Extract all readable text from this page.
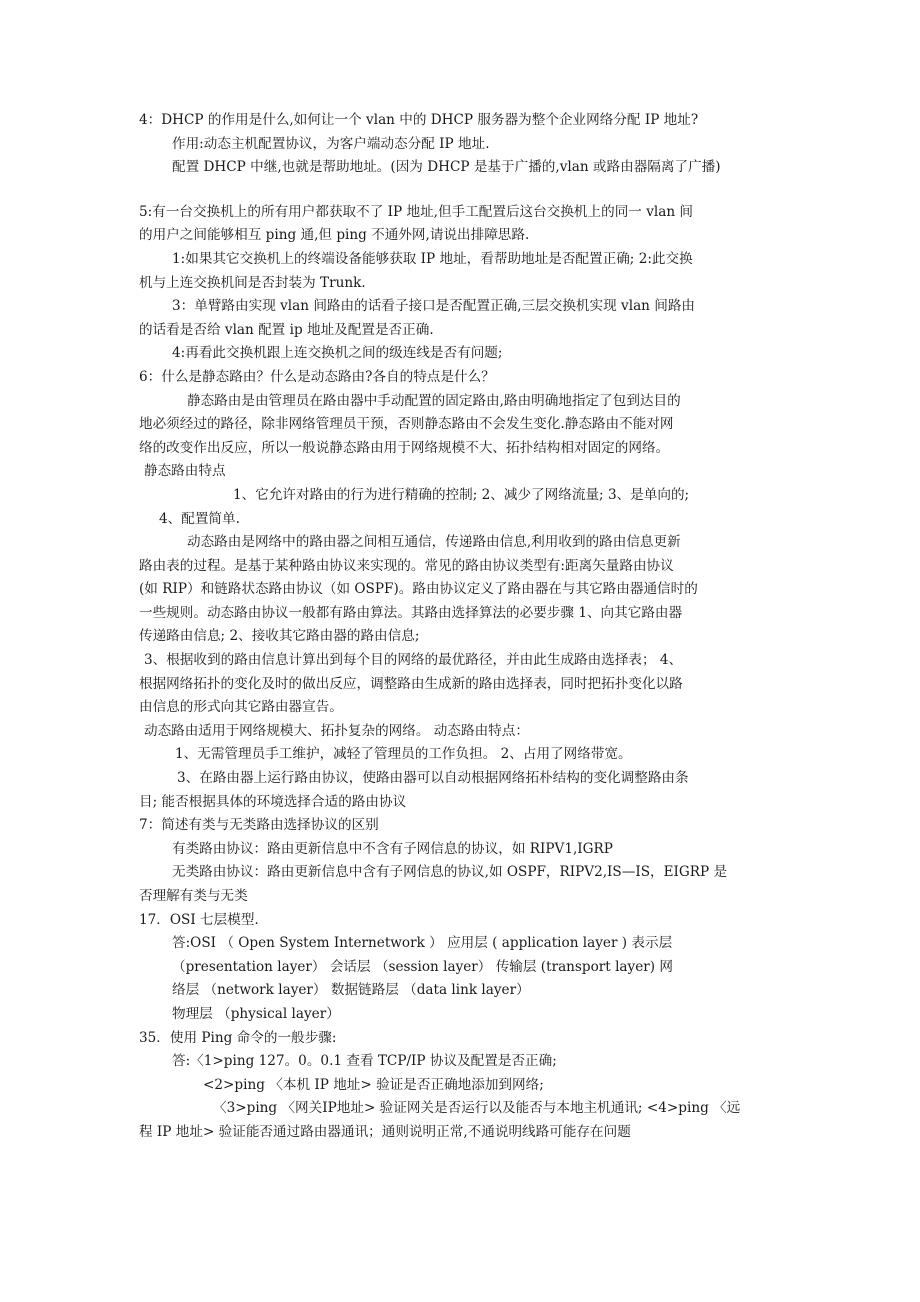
4：DHCP 的作用是什么,如何让一个 vlan 中的 DHCP 服务器为整个企业网络分配 IP 地址?
作用:动态主机配置协议，为客户端动态分配 IP 地址.
配置 DHCP 中继,也就是帮助地址。(因为 DHCP 是基于广播的,vlan 或路由器隔离了广播)
5:有一台交换机上的所有用户都获取不了 IP 地址,但手工配置后这台交换机上的同一 vlan 间
的用户之间能够相互 ping 通,但 ping 不通外网,请说出排障思路.
1:如果其它交换机上的终端设备能够获取 IP 地址，看帮助地址是否配置正确; 2:此交换
机与上连交换机间是否封装为 Trunk.
3：单臂路由实现 vlan 间路由的话看子接口是否配置正确,三层交换机实现 vlan 间路由
的话看是否给 vlan 配置 ip 地址及配置是否正确.
4:再看此交换机跟上连交换机之间的级连线是否有问题;
6：什么是静态路由？什么是动态路由?各自的特点是什么？
静态路由是由管理员在路由器中手动配置的固定路由,路由明确地指定了包到达目的
地必须经过的路径，除非网络管理员干预，否则静态路由不会发生变化.静态路由不能对网
络的改变作出反应，所以一般说静态路由用于网络规模不大、拓扑结构相对固定的网络。
静态路由特点
1、它允许对路由的行为进行精确的控制; 2、减少了网络流量; 3、是单向的;
4、配置简单.
动态路由是网络中的路由器之间相互通信，传递路由信息,利用收到的路由信息更新
路由表的过程。是基于某种路由协议来实现的。常见的路由协议类型有:距离矢量路由协议
(如 RIP）和链路状态路由协议（如 OSPF)。路由协议定义了路由器在与其它路由器通信时的
一些规则。动态路由协议一般都有路由算法。其路由选择算法的必要步骤 1、向其它路由器
传递路由信息; 2、接收其它路由器的路由信息;
3、根据收到的路由信息计算出到每个目的网络的最优路径，并由此生成路由选择表； 4、
根据网络拓扑的变化及时的做出反应，调整路由生成新的路由选择表，同时把拓扑变化以路
由信息的形式向其它路由器宣告。
动态路由适用于网络规模大、拓扑复杂的网络。 动态路由特点：
1、无需管理员手工维护，减轻了管理员的工作负担。 2、占用了网络带宽。
3、在路由器上运行路由协议，使路由器可以自动根据网络拓朴结构的变化调整路由条
目; 能否根据具体的环境选择合适的路由协议
7：简述有类与无类路由选择协议的区别
有类路由协议：路由更新信息中不含有子网信息的协议，如 RIPV1,IGRP
无类路由协议：路由更新信息中含有子网信息的协议,如 OSPF，RIPV2,IS—IS，EIGRP 是
否理解有类与无类
17．OSI 七层模型.
答:OSI （ Open System Internetwork ） 应用层 ( application layer ) 表示层
（presentation layer） 会话层 （session layer） 传输层 (transport layer) 网
络层 （network layer） 数据链路层 （data link layer）
物理层 （physical layer）
35．使用 Ping 命令的一般步骤:
答:〈1>ping 127。0。0.1 查看 TCP/IP 协议及配置是否正确;
<2>ping 〈本机 IP 地址> 验证是否正确地添加到网络;
〈3>ping 〈网关IP地址> 验证网关是否运行以及能否与本地主机通讯; <4>ping 〈远
程 IP 地址> 验证能否通过路由器通讯；通则说明正常,不通说明线路可能存在问题
